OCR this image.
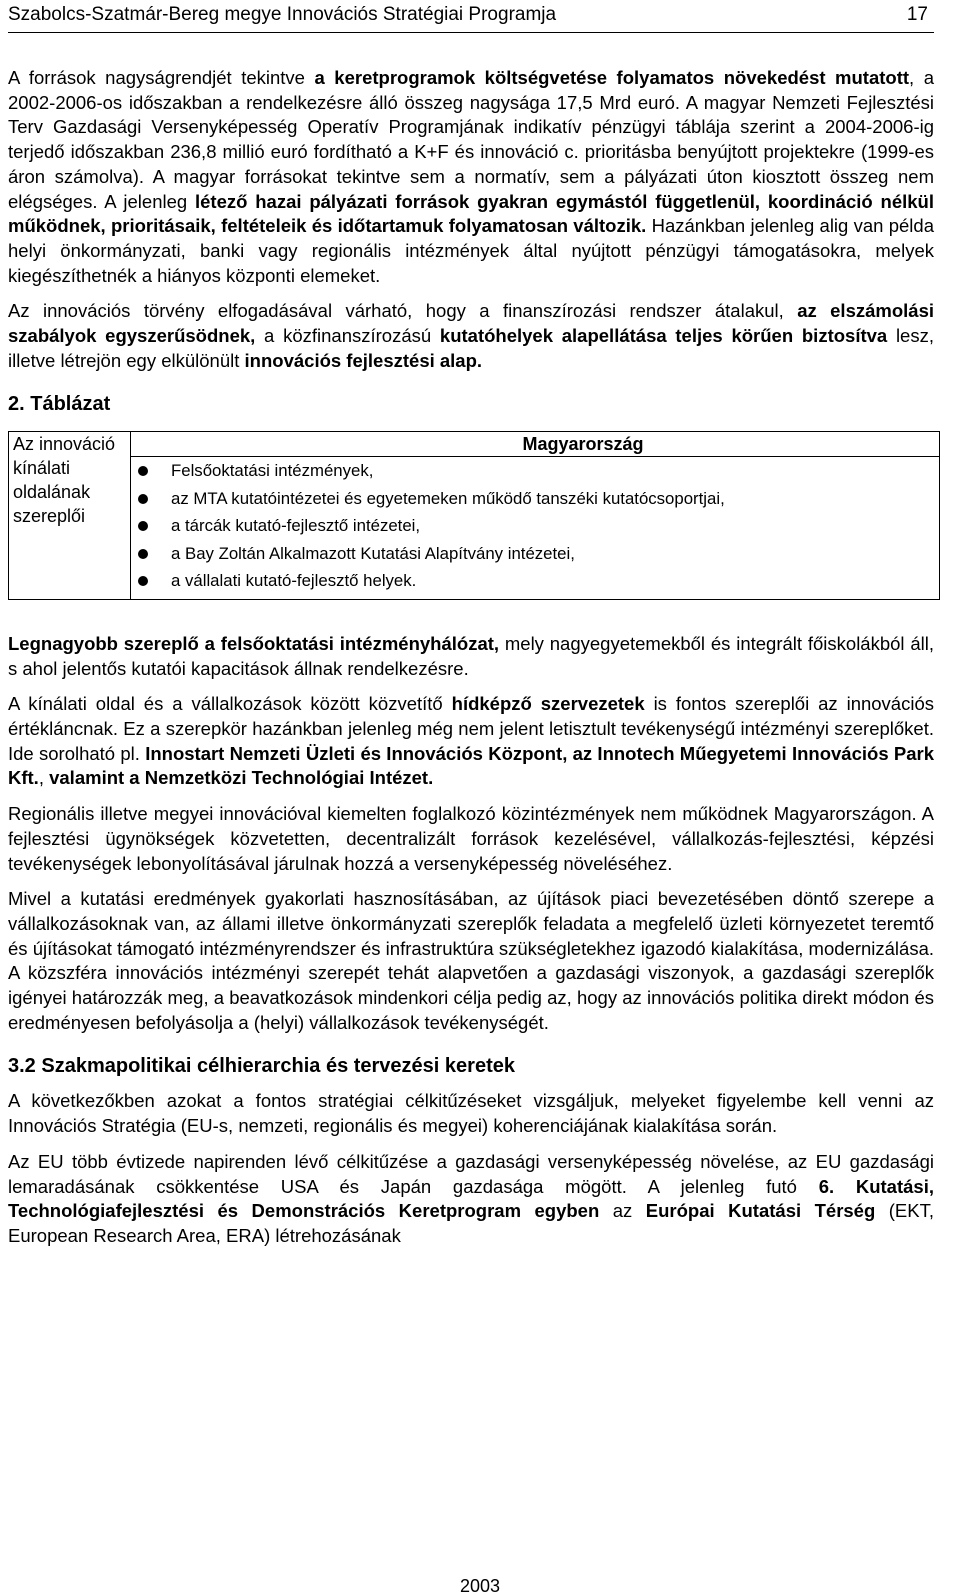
Szabolcs-Szatmár-Bereg megye Innovációs Stratégiai Programja	17

A források nagyságrendjét tekintve a keretprogramok költségvetése folyamatos növekedést mutatott, a 2002-2006-os időszakban a rendelkezésre álló összeg nagysága 17,5 Mrd euró. A magyar Nemzeti Fejlesztési Terv Gazdasági Versenyképesség Operatív Programjának indikatív pénzügyi táblája szerint a 2004-2006-ig terjedő időszakban 236,8 millió euró fordítható a K+F és innováció c. prioritásba benyújtott projektekre (1999-es áron számolva). A magyar forrásokat tekintve sem a normatív, sem a pályázati úton kiosztott összeg nem elégséges. A jelenleg létező hazai pályázati források gyakran egymástól függetlenül, koordináció nélkül működnek, prioritásaik, feltételeik és időtartamuk folyamatosan változik. Hazánkban jelenleg alig van példa helyi önkormányzati, banki vagy regionális intézmények által nyújtott pénzügyi támogatásokra, melyek kiegészíthetnék a hiányos központi elemeket.

Az innovációs törvény elfogadásával várható, hogy a finanszírozási rendszer átalakul, az elszámolási szabályok egyszerűsödnek, a közfinanszírozású kutatóhelyek alapellátása teljes körűen biztosítva lesz, illetve létrejön egy elkülönült innovációs fejlesztési alap.

2. Táblázat
Az innováció kínálati oldalának szereplői	Magyarország

Felsőoktatási intézmények,
az MTA kutatóintézetei és egyetemeken működő tanszéki kutatócsoportjai,
a tárcák kutató-fejlesztő intézetei,
a Bay Zoltán Alkalmazott Kutatási Alapítvány intézetei,
a vállalati kutató-fejlesztő helyek.

Legnagyobb szereplő a felsőoktatási intézményhálózat, mely nagyegyetemekből és integrált főiskolákból áll, s ahol jelentős kutatói kapacitások állnak rendelkezésre.

A kínálati oldal és a vállalkozások között közvetítő hídképző szervezetek is fontos szereplői az innovációs értékláncnak. Ez a szerepkör hazánkban jelenleg még nem jelent letisztult tevékenységű intézményi szereplőket. Ide sorolható pl. Innostart Nemzeti Üzleti és Innovációs Központ, az Innotech Műegyetemi Innovációs Park Kft., valamint a Nemzetközi Technológiai Intézet.

Regionális illetve megyei innovációval kiemelten foglalkozó közintézmények nem működnek Magyarországon. A fejlesztési ügynökségek közvetetten, decentralizált források kezelésével, vállalkozás-fejlesztési, képzési tevékenységek lebonyolításával járulnak hozzá a versenyképesség növeléséhez.

Mivel a kutatási eredmények gyakorlati hasznosításában, az újítások piaci bevezetésében döntő szerepe a vállalkozásoknak van, az állami illetve önkormányzati szereplők feladata a megfelelő üzleti környezetet teremtő és újításokat támogató intézményrendszer és infrastruktúra szükségletekhez igazodó kialakítása, modernizálása. A közszféra innovációs intézményi szerepét tehát alapvetően a gazdasági viszonyok, a gazdasági szereplők igényei határozzák meg, a beavatkozások mindenkori célja pedig az, hogy az innovációs politika direkt módon és eredményesen befolyásolja a (helyi) vállalkozások tevékenységét.

3.2 Szakmapolitikai célhierarchia és tervezési keretek

A következőkben azokat a fontos stratégiai célkitűzéseket vizsgáljuk, melyeket figyelembe kell venni az Innovációs Stratégia (EU-s, nemzeti, regionális és megyei) koherenciájának kialakítása során.

Az EU több évtizede napirenden lévő célkitűzése a gazdasági versenyképesség növelése, az EU gazdasági lemaradásának csökkentése USA és Japán gazdasága mögött. A jelenleg futó 6. Kutatási, Technológiafejlesztési és Demonstrációs Keretprogram egyben az Európai Kutatási Térség (EKT, European Research Area, ERA) létrehozásának

2003
